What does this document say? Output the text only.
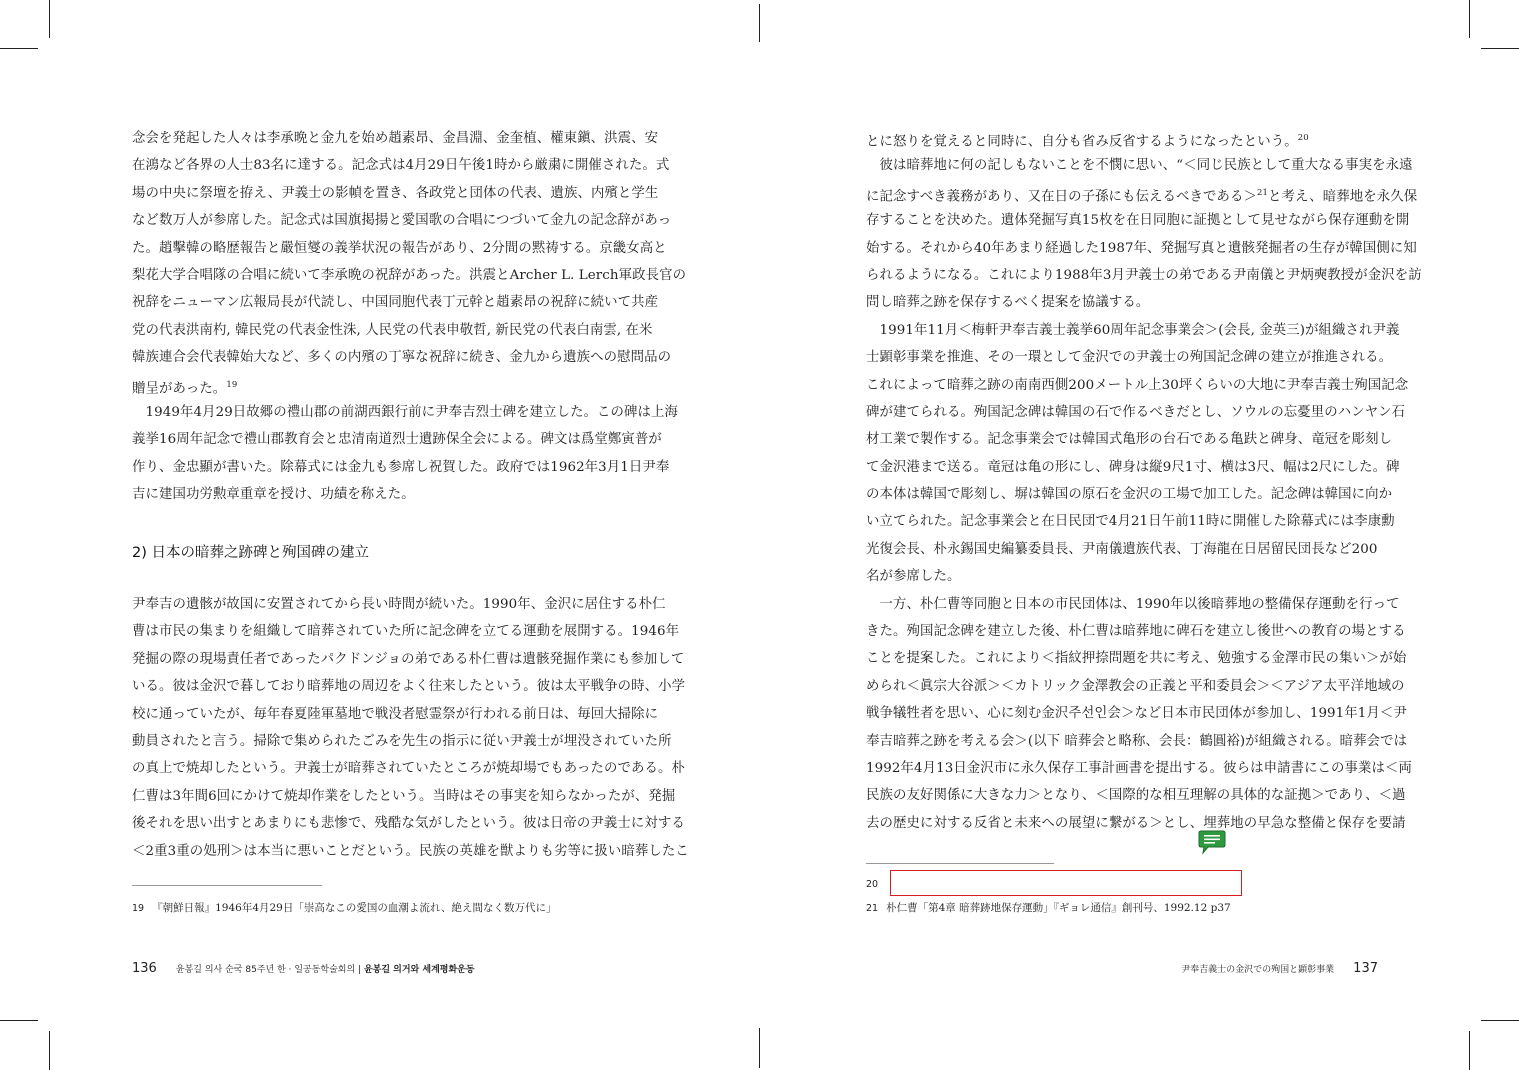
念会を発起した人々は李承晩と金九を始め趙素昂、金昌淵、金奎植、權東鎭、洪震、安
在鴻など各界の人士83名に達する。記念式は4月29日午後1時から厳粛に開催された。式
場の中央に祭壇を拵え、尹義士の影幀を置き、各政党と団体の代表、遺族、内殯と学生
など数万人が参席した。記念式は国旗掲揚と愛国歌の合唱につづいて金九の記念辞があっ
た。趙擊韓の略歴報告と嚴恒燮の義挙状況の報告があり、2分間の黙祷する。京畿女高と
梨花大学合唱隊の合唱に続いて李承晩の祝辞があった。洪震とArcher L. Lerch軍政長官の
祝辞をニューマン広報局長が代読し、中国同胞代表丁元幹と趙素昂の祝辞に続いて共産
党の代表洪南杓, 韓民党の代表金性洙, 人民党の代表申敬哲, 新民党の代表白南雲, 在米
韓族連合会代表韓始大など、多くの内殯の丁寧な祝辞に続き、金九から遺族への慰問品の
贈呈があった。$^{19}$
　1949年4月29日故郷の禮山郡の前湖西銀行前に尹奉吉烈士碑を建立した。この碑は上海
義挙16周年記念で禮山郡教育会と忠清南道烈士遺跡保全会による。碑文は爲堂鄭寅普が
作り、金忠顯が書いた。除幕式には金九も参席し祝賀した。政府では1962年3月1日尹奉
吉に建国功労勲章重章を授け、功績を称えた。
2) 日本の暗葬之跡碑と殉国碑の建立
尹奉吉の遺骸が故国に安置されてから長い時間が続いた。1990年、金沢に居住する朴仁
曹は市民の集まりを組織して暗葬されていた所に記念碑を立てる運動を展開する。1946年
発掘の際の現場責任者であったパクドンジョの弟である朴仁曹は遺骸発掘作業にも参加して
いる。彼は金沢で暮しており暗葬地の周辺をよく往来したという。彼は太平戦争の時、小学
校に通っていたが、毎年春夏陸軍墓地で戦没者慰霊祭が行われる前日は、毎回大掃除に
動員されたと言う。掃除で集められたごみを先生の指示に従い尹義士が埋没されていた所
の真上で焼却したという。尹義士が暗葬されていたところが焼却場でもあったのである。朴
仁曹は3年間6回にかけて焼却作業をしたという。当時はその事実を知らなかったが、発掘
後それを思い出すとあまりにも悲惨で、残酷な気がしたという。彼は日帝の尹義士に対する
＜2重3重の処刑＞は本当に悪いことだという。民族の英雄を獣よりも劣等に扱い暗葬したこ
19 『朝鮮日報』1946年4月29日「崇高なこの愛国の血潮よ流れ、絶え間なく数万代に」
136 윤봉길 의사 순국 85주년 한 · 일공동학술회의 | 윤봉길 의거와 세계평화운동
とに怒りを覚えると同時に、自分も省み反省するようになったという。$^{20}$
　彼は暗葬地に何の記しもないことを不憫に思い、“＜同じ民族として重大なる事実を永遠
に記念すべき義務があり、又在日の子孫にも伝えるべきである＞$^{21}$と考え、暗葬地を永久保
存することを決めた。遺体発掘写真15枚を在日同胞に証拠として見せながら保存運動を開
始する。それから40年あまり経過した1987年、発掘写真と遺骸発掘者の生存が韓国側に知
られるようになる。これにより1988年3月尹義士の弟である尹南儀と尹炳奭教授が金沢を訪
問し暗葬之跡を保存するべく提案を協議する。
　1991年11月＜梅軒尹奉吉義士義挙60周年記念事業会＞(会長, 金英三)が組織され尹義
士顕彰事業を推進、その一環として金沢での尹義士の殉国記念碑の建立が推進される。
これによって暗葬之跡の南南西側200メートル上30坪くらいの大地に尹奉吉義士殉国記念
碑が建てられる。殉国記念碑は韓国の石で作るべきだとし、ソウルの忘憂里のハンヤン石
材工業で製作する。記念事業会では韓国式亀形の台石である亀趺と碑身、竜冠を彫刻し
て金沢港まで送る。竜冠は亀の形にし、碑身は縦9尺1寸、横は3尺、幅は2尺にした。碑
の本体は韓国で彫刻し、塀は韓国の原石を金沢の工場で加工した。記念碑は韓国に向か
い立てられた。記念事業会と在日民団で4月21日午前11時に開催した除幕式には李康勳
光復会長、朴永錫国史編纂委員長、尹南儀遺族代表、丁海龍在日居留民団長など200
名が参席した。
　一方、朴仁曹等同胞と日本の市民団体は、1990年以後暗葬地の整備保存運動を行って
きた。殉国記念碑を建立した後、朴仁曹は暗葬地に碑石を建立し後世への教育の場とする
ことを提案した。これにより＜指紋押捺問題を共に考え、勉強する金澤市民の集い＞が始
められ＜眞宗大谷派＞＜カトリック金澤教会の正義と平和委員会＞＜アジア太平洋地域の
戦争犠牲者を思い、心に刻む金沢주선인会＞など日本市民団体が参加し、1991年1月＜尹
奉吉暗葬之跡を考える会＞(以下 暗葬会と略称、会長：鶴圓裕)が組織される。暗葬会では
1992年4月13日金沢市に永久保存工事計画書を提出する。彼らは申請書にこの事業は＜両
民族の友好関係に大きな力＞となり、＜国際的な相互理解の具体的な証拠＞であり、＜過
去の歴史に対する反省と未来への展望に繋がる＞とし、埋葬地の早急な整備と保存を要請
20
21 朴仁曹「第4章 暗葬跡地保存運動」『ギョレ通信』創刊号、1992.12 p37
尹奉吉義士の金沢での殉国と顕彰事業 137
